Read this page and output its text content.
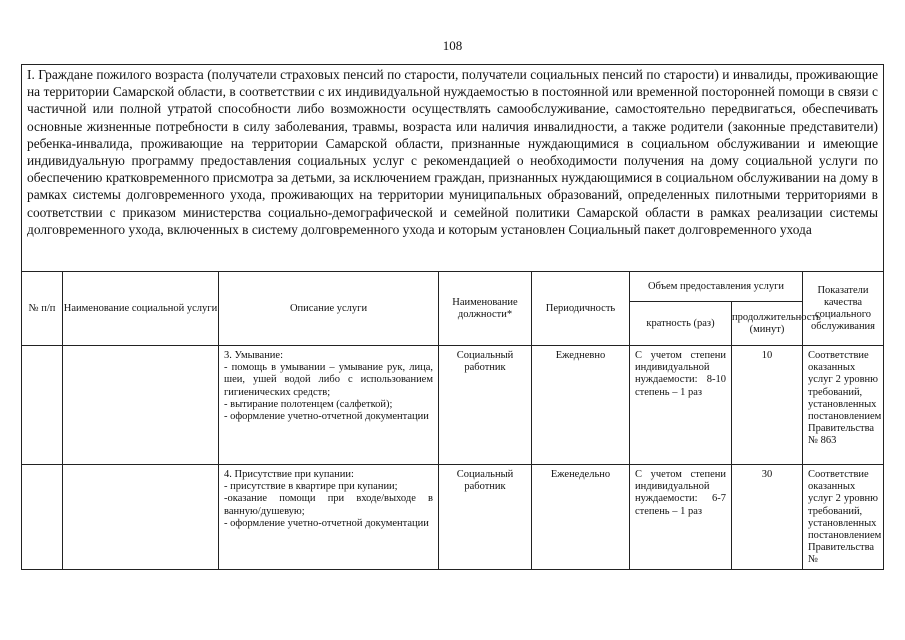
108
I. Граждане пожилого возраста (получатели страховых пенсий по старости, получатели социальных пенсий по старости) и инвалиды, проживающие на территории Самарской области, в соответствии с их индивидуальной нуждаемостью в постоянной или временной посторонней помощи в связи с частичной или полной утратой способности либо возможности осуществлять самообслуживание, самостоятельно передвигаться, обеспечивать основные жизненные потребности в силу заболевания, травмы, возраста или наличия инвалидности, а также родители (законные представители) ребенка-инвалида, проживающие на территории Самарской области, признанные нуждающимися в социальном обслуживании и имеющие индивидуальную программу предоставления социальных услуг с рекомендацией о необходимости получения на дому социальной услуги по обеспечению кратковременного присмотра за детьми, за исключением граждан, признанных нуждающимися в социальном обслуживании на дому в рамках системы долговременного ухода, проживающих на территории муниципальных образований, определенных пилотными территориями в соответствии с приказом министерства социально-демографической и семейной политики Самарской области в рамках реализации системы долговременного ухода, включенных в систему долговременного ухода и которым установлен Социальный пакет долговременного ухода							
№ п/п	Наименование социальной услуги	Описание услуги	Наименование должности*	Периодичность	Объем предоставления услуги		Показатели качества социального обслуживания
					кратность (раз)	продолжительность (минут)	

		3. Умывание:
- помощь в умывании – умывание рук, лица, шеи, ушей водой либо с использованием гигиенических средств;
- вытирание полотенцем (салфеткой);
- оформление учетно-отчетной документации	Социальный работник	Ежедневно	С учетом степени индивидуальной нуждаемости: 8-10 степень – 1 раз	10	Соответствие оказанных услуг 2 уровню требований, установленных постановлением Правительства № 863

		4. Присутствие при купании:
- присутствие в квартире при купании;
-оказание помощи при входе/выходе в ванную/душевую;
- оформление учетно-отчетной документации	Социальный работник	Еженедельно	С учетом степени индивидуальной нуждаемости: 6-7 степень – 1 раз	30	Соответствие оказанных услуг 2 уровню требований, установленных постановлением Правительства №
